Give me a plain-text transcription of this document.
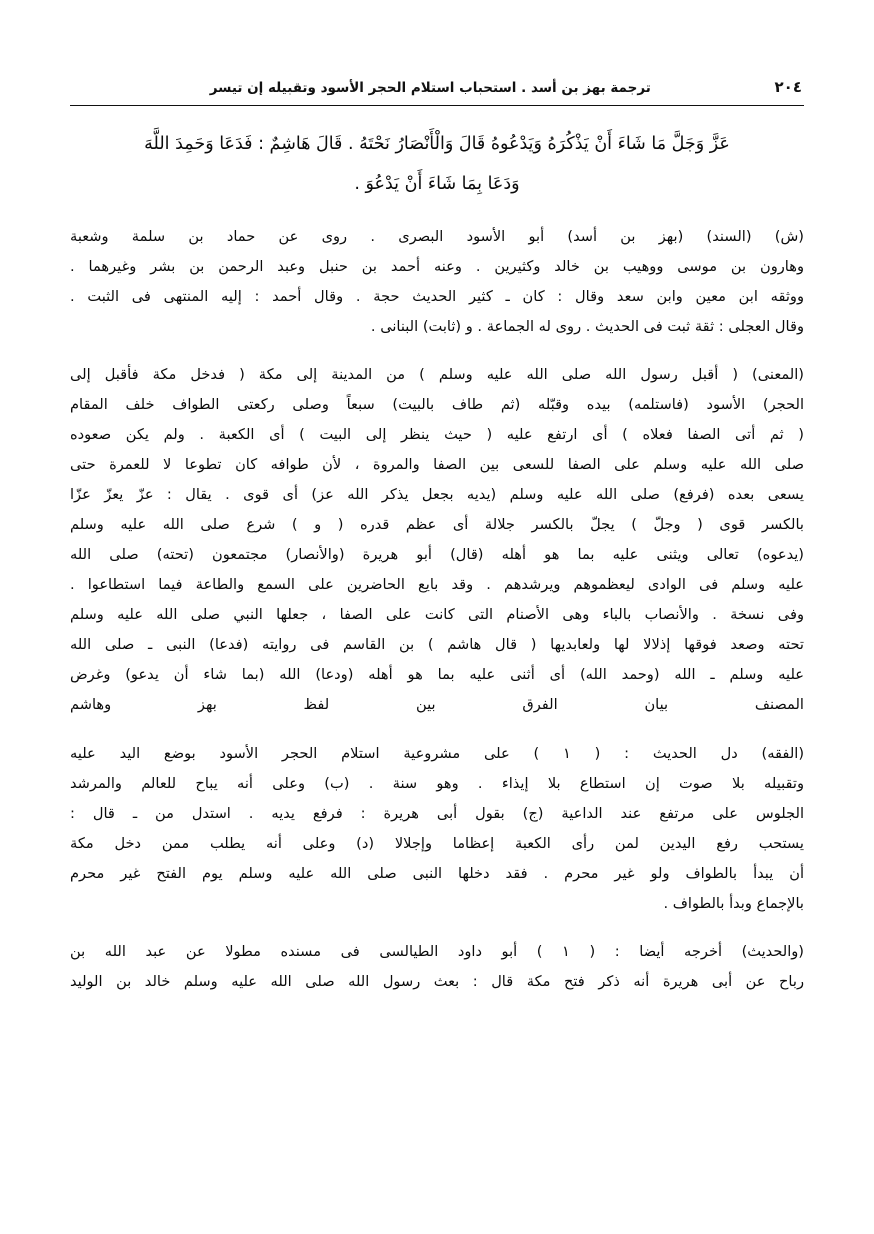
٢٠٤
ترجمة بهز بن أسد . استحباب استلام الحجر الأسود وتقبيله إن تيسر
عَزَّ وَجَلَّ مَا شَاءَ أَنْ يَذْكُرَهُ وَيَدْعُوهُ قَالَ وَالْأَنْصَارُ نَحْتَهُ . قَالَ هَاشِمٌ : فَدَعَا وَحَمِدَ اللَّهَ
وَدَعَا بِمَا شَاءَ أَنْ يَدْعُوَ .

(ش) (السند) (بهز بن أسد) أبو الأسود البصرى . روى عن حماد بن سلمة وشعبة

وهارون بن موسى ووهيب بن خالد وكثيرين . وعنه أحمد بن حنبل وعبد الرحمن بن بشر وغيرهما .

ووثقه ابن معين وابن سعد وقال : كان ـ كثير الحديث حجة . وقال أحمد : إليه المنتهى فى الثبت .

وقال العجلى : ثقة ثبت فى الحديث . روى له الجماعة . و (ثابت) البنانى .

(المعنى) ( أقبل رسول الله صلى الله عليه وسلم ) من المدينة إلى مكة ( فدخل مكة فأقبل إلى

الحجر) الأسود (فاستلمه) بيده وقبّله (ثم طاف بالبيت) سبعاً وصلى ركعتى الطواف خلف المقام

( ثم أتى الصفا فعلاه ) أى ارتفع عليه ( حيث ينظر إلى البيت ) أى الكعبة . ولم يكن صعوده

صلى الله عليه وسلم على الصفا للسعى بين الصفا والمروة ، لأن طوافه كان تطوعا لا للعمرة حتى

يسعى بعده (فرفع) صلى الله عليه وسلم (يديه بجعل يذكر الله عز) أى قوى . يقال : عزّ يعزّ عزّا

بالكسر قوى ( وجلّ ) يجلّ بالكسر جلالة أى عظم قدره ( و ) شرع صلى الله عليه وسلم

(يدعوه) تعالى ويثنى عليه بما هو أهله (قال) أبو هريرة (والأنصار) مجتمعون (تحته) صلى الله

عليه وسلم فى الوادى ليعظموهم ويرشدهم . وقد بايع الحاضرين على السمع والطاعة فيما استطاعوا .

وفى نسخة . والأنصاب بالباء وهى الأصنام التى كانت على الصفا ، جعلها النبي صلى الله عليه وسلم

تحته وصعد فوقها إذلالا لها ولعابديها ( قال هاشم ) بن القاسم فى روايته (فدعا) النبى ـ صلى الله

عليه وسلم ـ الله (وحمد الله) أى أثنى عليه بما هو أهله (ودعا) الله (بما شاء أن يدعو) وغرض

المصنف بيان الفرق بين لفظ بهز وهاشم

(الفقه) دل الحديث : ( ١ ) على مشروعية استلام الحجر الأسود بوضع اليد عليه

وتقبيله بلا صوت إن استطاع بلا إيذاء . وهو سنة . (ب) وعلى أنه يباح للعالم والمرشد

الجلوس على مرتفع عند الداعية (ج) بقول أبى هريرة : فرفع يديه . استدل من ـ قال :

يستحب رفع اليدين لمن رأى الكعبة إعظاما وإجلالا (د) وعلى أنه يطلب ممن دخل مكة

أن يبدأ بالطواف ولو غير محرم . فقد دخلها النبى صلى الله عليه وسلم يوم الفتح غير محرم

بالإجماع وبدأ بالطواف .

(والحديث) أخرجه أيضا : ( ١ ) أبو داود الطيالسى فى مسنده مطولا عن عبد الله بن

رباح عن أبى هريرة أنه ذكر فتح مكة قال : بعث رسول الله صلى الله عليه وسلم خالد بن الوليد
